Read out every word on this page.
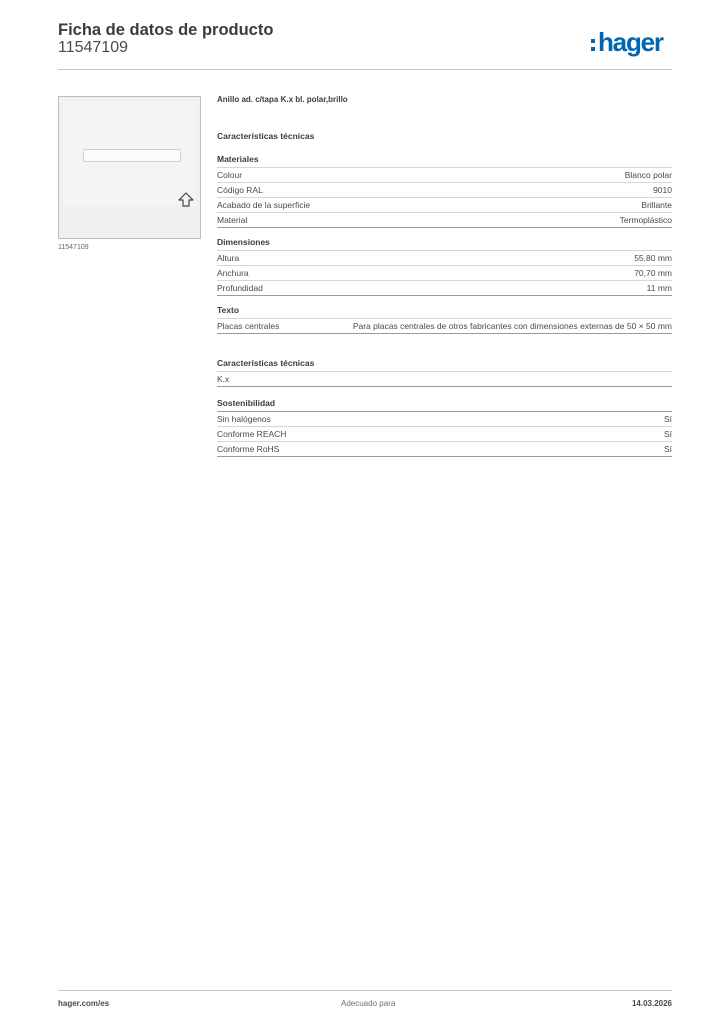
Ficha de datos de producto
11547109	hager
11547109

Anillo ad. c/tapa K.x bl. polar,brillo

Características técnicas

Materiales

Colour	Blanco polar
Código RAL	9010
Acabado de la superficie	Brillante
Material	Termoplástico

Dimensiones

Altura	55,80 mm
Anchura	70,70 mm
Profundidad	11 mm

Texto

Placas centrales	Para placas centrales de otros fabricantes con dimensiones externas de 50 × 50 mm

Características técnicas

K.x

Sostenibilidad

Sin halógenos	Sí
Conforme REACH	Sí
Conforme RoHS	Sí
hager.com/es	Adecuado para	14.03.2026
